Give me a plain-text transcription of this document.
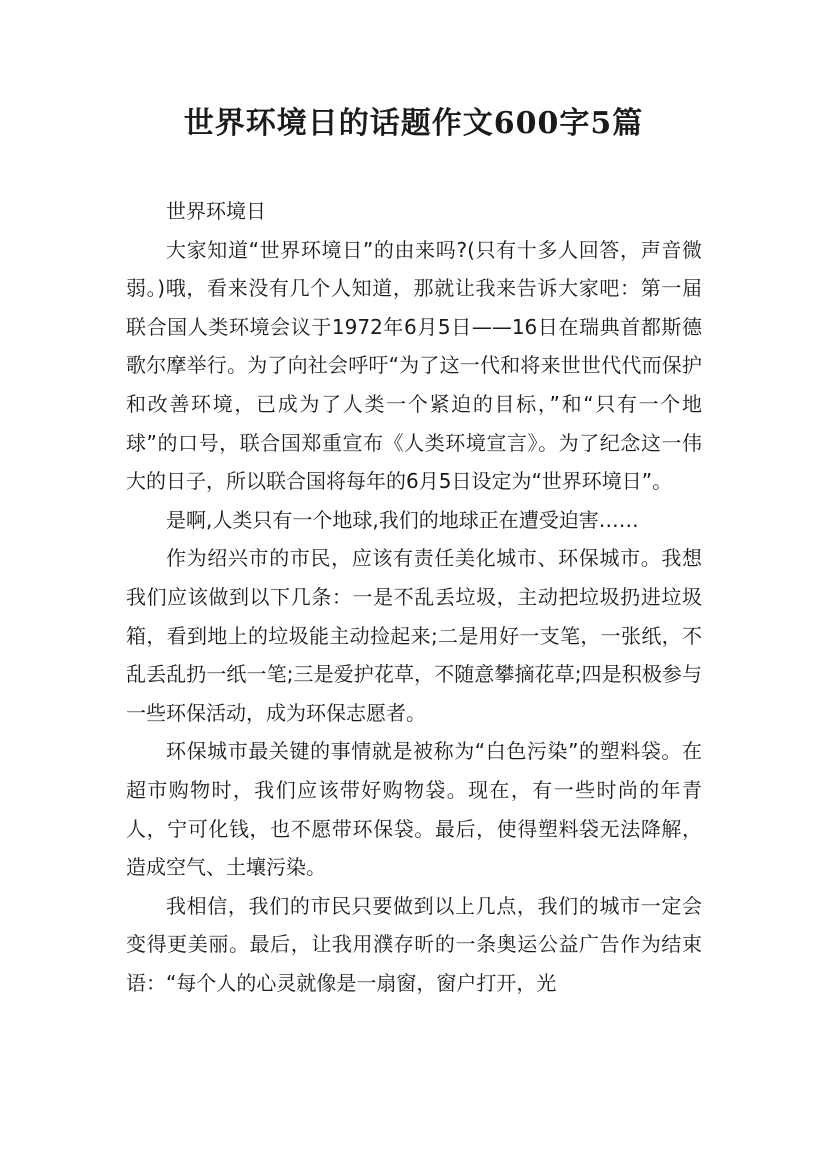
世界环境日的话题作文600字5篇

世界环境日

大家知道“世界环境日”的由来吗?(只有十多人回答，声音微弱。)哦，看来没有几个人知道，那就让我来告诉大家吧：第一届联合国人类环境会议于1972年6月5日——16日在瑞典首都斯德歌尔摩举行。为了向社会呼吁“为了这一代和将来世世代代而保护和改善环境，已成为了人类一个紧迫的目标，”和“只有一个地球”的口号，联合国郑重宣布《人类环境宣言》。为了纪念这一伟大的日子，所以联合国将每年的6月5日设定为“世界环境日”。

是啊,人类只有一个地球,我们的地球正在遭受迫害……

作为绍兴市的市民，应该有责任美化城市、环保城市。我想我们应该做到以下几条：一是不乱丢垃圾，主动把垃圾扔进垃圾箱，看到地上的垃圾能主动捡起来;二是用好一支笔，一张纸，不乱丢乱扔一纸一笔;三是爱护花草，不随意攀摘花草;四是积极参与一些环保活动，成为环保志愿者。

环保城市最关键的事情就是被称为“白色污染”的塑料袋。在超市购物时，我们应该带好购物袋。现在，有一些时尚的年青人，宁可化钱，也不愿带环保袋。最后，使得塑料袋无法降解，造成空气、土壤污染。

我相信，我们的市民只要做到以上几点，我们的城市一定会变得更美丽。最后，让我用濮存昕的一条奥运公益广告作为结束语：“每个人的心灵就像是一扇窗，窗户打开，光
